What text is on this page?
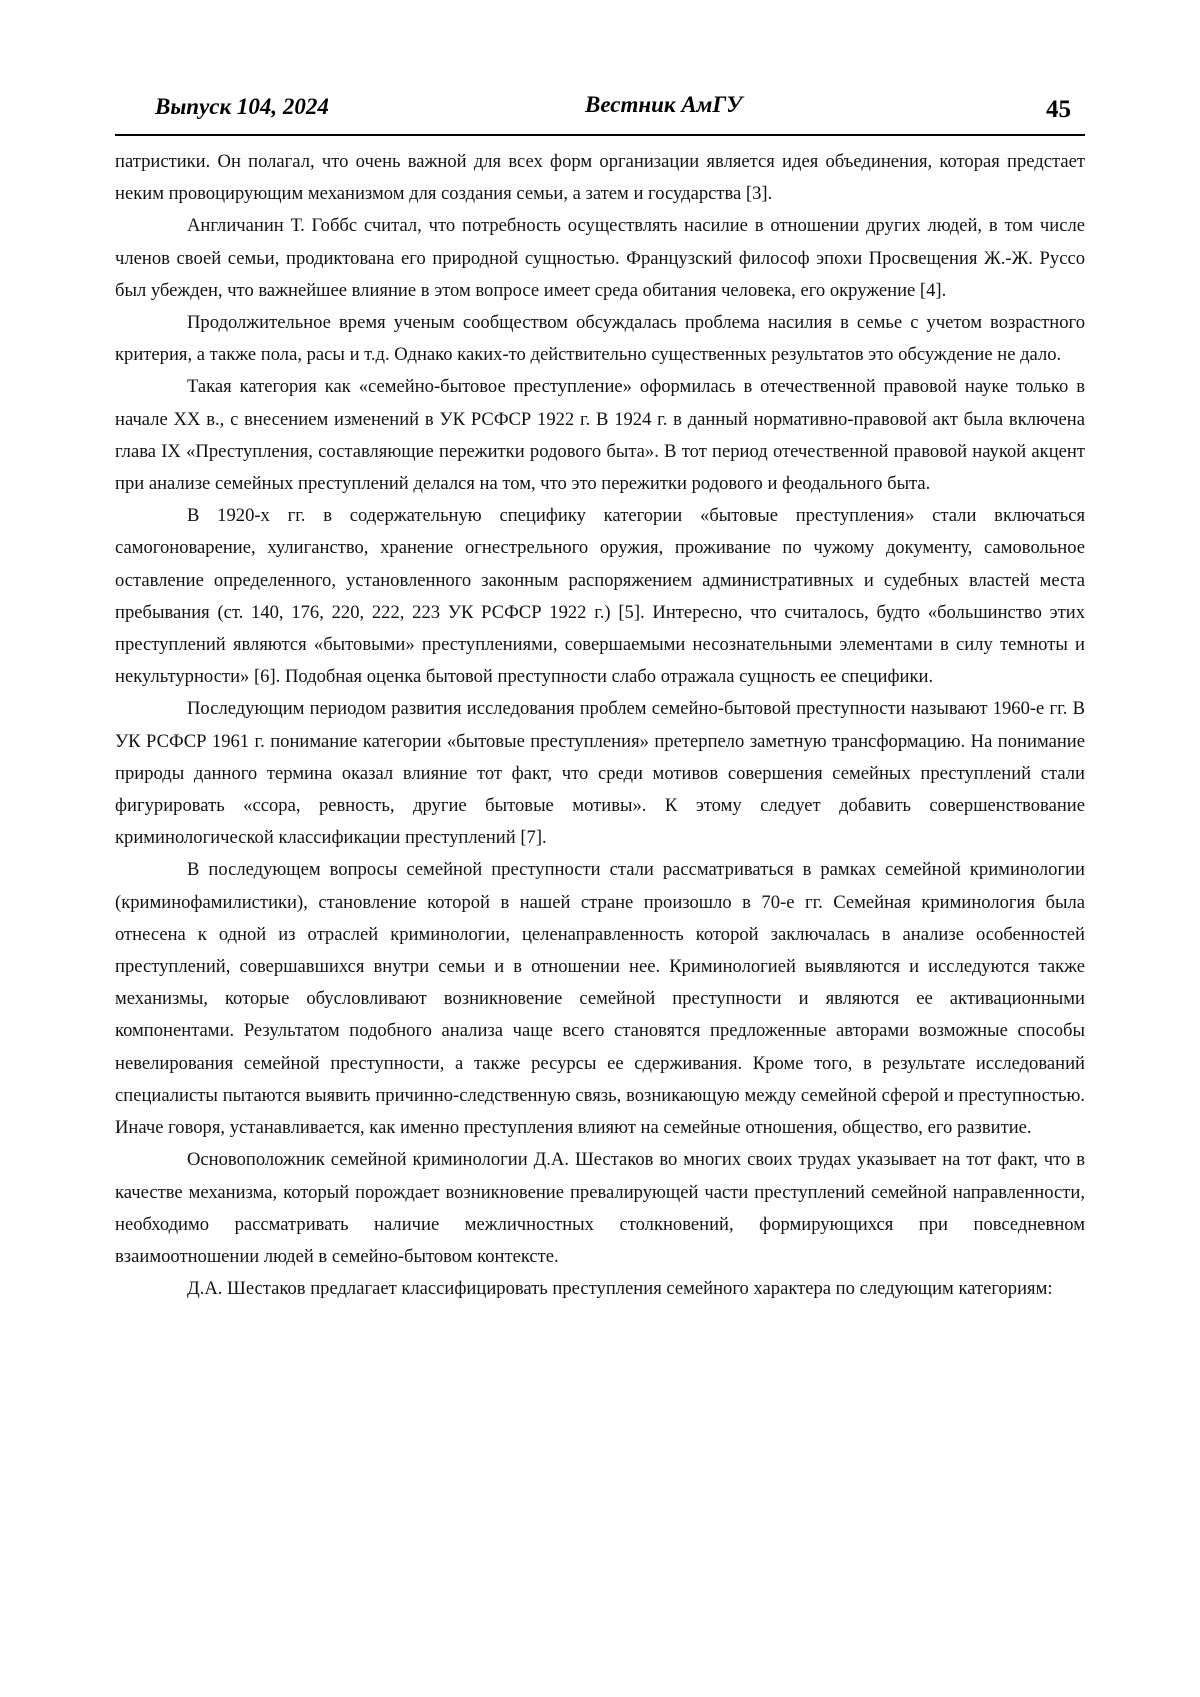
Выпуск 104, 2024	Вестник АмГУ	45

патристики. Он полагал, что очень важной для всех форм организации является идея объединения, которая предстает неким провоцирующим механизмом для создания семьи, а затем и государства [3].

Англичанин Т. Гоббс считал, что потребность осуществлять насилие в отношении других людей, в том числе членов своей семьи, продиктована его природной сущностью. Французский философ эпохи Просвещения Ж.-Ж. Руссо был убежден, что важнейшее влияние в этом вопросе имеет среда обитания человека, его окружение [4].

Продолжительное время ученым сообществом обсуждалась проблема насилия в семье с учетом возрастного критерия, а также пола, расы и т.д. Однако каких-то действительно существенных результатов это обсуждение не дало.

Такая категория как «семейно-бытовое преступление» оформилась в отечественной правовой науке только в начале XX в., с внесением изменений в УК РСФСР 1922 г. В 1924 г. в данный нормативно-правовой акт была включена глава IX «Преступления, составляющие пережитки родового быта». В тот период отечественной правовой наукой акцент при анализе семейных преступлений делался на том, что это пережитки родового и феодального быта.

В 1920-х гг. в содержательную специфику категории «бытовые преступления» стали включаться самогоноварение, хулиганство, хранение огнестрельного оружия, проживание по чужому документу, самовольное оставление определенного, установленного законным распоряжением административных и судебных властей места пребывания (ст. 140, 176, 220, 222, 223 УК РСФСР 1922 г.) [5]. Интересно, что считалось, будто «большинство этих преступлений являются «бытовыми» преступлениями, совершаемыми несознательными элементами в силу темноты и некультурности» [6]. Подобная оценка бытовой преступности слабо отражала сущность ее специфики.

Последующим периодом развития исследования проблем семейно-бытовой преступности называют 1960-е гг. В УК РСФСР 1961 г. понимание категории «бытовые преступления» претерпело заметную трансформацию. На понимание природы данного термина оказал влияние тот факт, что среди мотивов совершения семейных преступлений стали фигурировать «ссора, ревность, другие бытовые мотивы». К этому следует добавить совершенствование криминологической классификации преступлений [7].

В последующем вопросы семейной преступности стали рассматриваться в рамках семейной криминологии (криминофамилистики), становление которой в нашей стране произошло в 70-е гг. Семейная криминология была отнесена к одной из отраслей криминологии, целенаправленность которой заключалась в анализе особенностей преступлений, совершавшихся внутри семьи и в отношении нее. Криминологией выявляются и исследуются также механизмы, которые обусловливают возникновение семейной преступности и являются ее активационными компонентами. Результатом подобного анализа чаще всего становятся предложенные авторами возможные способы невелирования семейной преступности, а также ресурсы ее сдерживания. Кроме того, в результате исследований специалисты пытаются выявить причинно-следственную связь, возникающую между семейной сферой и преступностью. Иначе говоря, устанавливается, как именно преступления влияют на семейные отношения, общество, его развитие.

Основоположник семейной криминологии Д.А. Шестаков во многих своих трудах указывает на тот факт, что в качестве механизма, который порождает возникновение превалирующей части преступлений семейной направленности, необходимо рассматривать наличие межличностных столкновений, формирующихся при повседневном взаимоотношении людей в семейно-бытовом контексте.

Д.А. Шестаков предлагает классифицировать преступления семейного характера по следующим категориям:
